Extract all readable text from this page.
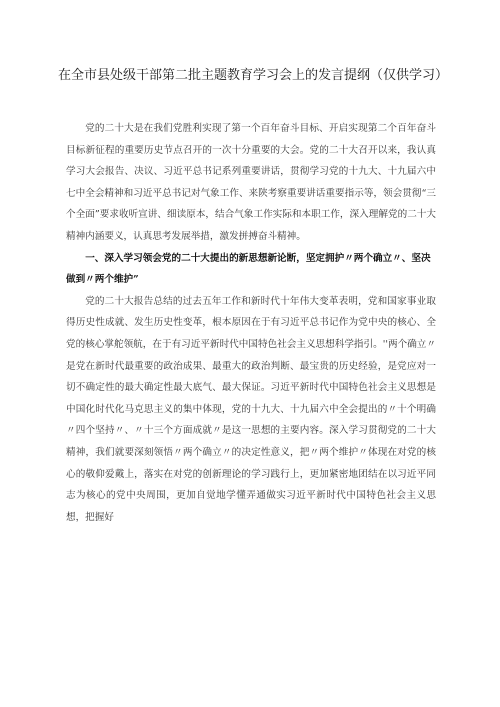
在全市县处级干部第二批主题教育学习会上的发言提纲（仅供学习）

党的二十大是在我们党胜利实现了第一个百年奋斗目标、开启实现第二个百年奋斗目标新征程的重要历史节点召开的一次十分重要的大会。党的二十大召开以来，我认真学习大会报告、决议、习近平总书记系列重要讲话，贯彻学习党的十九大、十九届六中七中全会精神和习近平总书记对气象工作、来陕考察重要讲话重要指示等，领会贯彻“三个全面”要求收听宣讲、细读原本，结合气象工作实际和本职工作，深入理解党的二十大精神内涵要义，认真思考发展举措，激发拼搏奋斗精神。

一、深入学习领会党的二十大提出的新思想新论断，坚定拥护〃两个确立〃、坚决做到〃两个维护”

党的二十大报告总结的过去五年工作和新时代十年伟大变革表明，党和国家事业取得历史性成就、发生历史性变革，根本原因在于有习近平总书记作为党中央的核心、全党的核心掌舵领航，在于有习近平新时代中国特色社会主义思想科学指引。''两个确立〃是党在新时代最重要的政治成果、最重大的政治判断、最宝贵的历史经验，是党应对一切不确定性的最大确定性最大底气、最大保证。习近平新时代中国特色社会主义思想是中国化时代化马克思主义的集中体现，党的十九大、十九届六中全会提出的〃十个明确〃四个坚持〃、〃十三个方面成就〃是这一思想的主要内容。深入学习贯彻党的二十大精神，我们就要深刻领悟〃两个确立〃的决定性意义，把〃两个维护〃体现在对党的核心的敬仰爱戴上，落实在对党的创新理论的学习践行上，更加紧密地团结在以习近平同志为核心的党中央周围，更加自觉地学懂弄通做实习近平新时代中国特色社会主义思想，把握好
